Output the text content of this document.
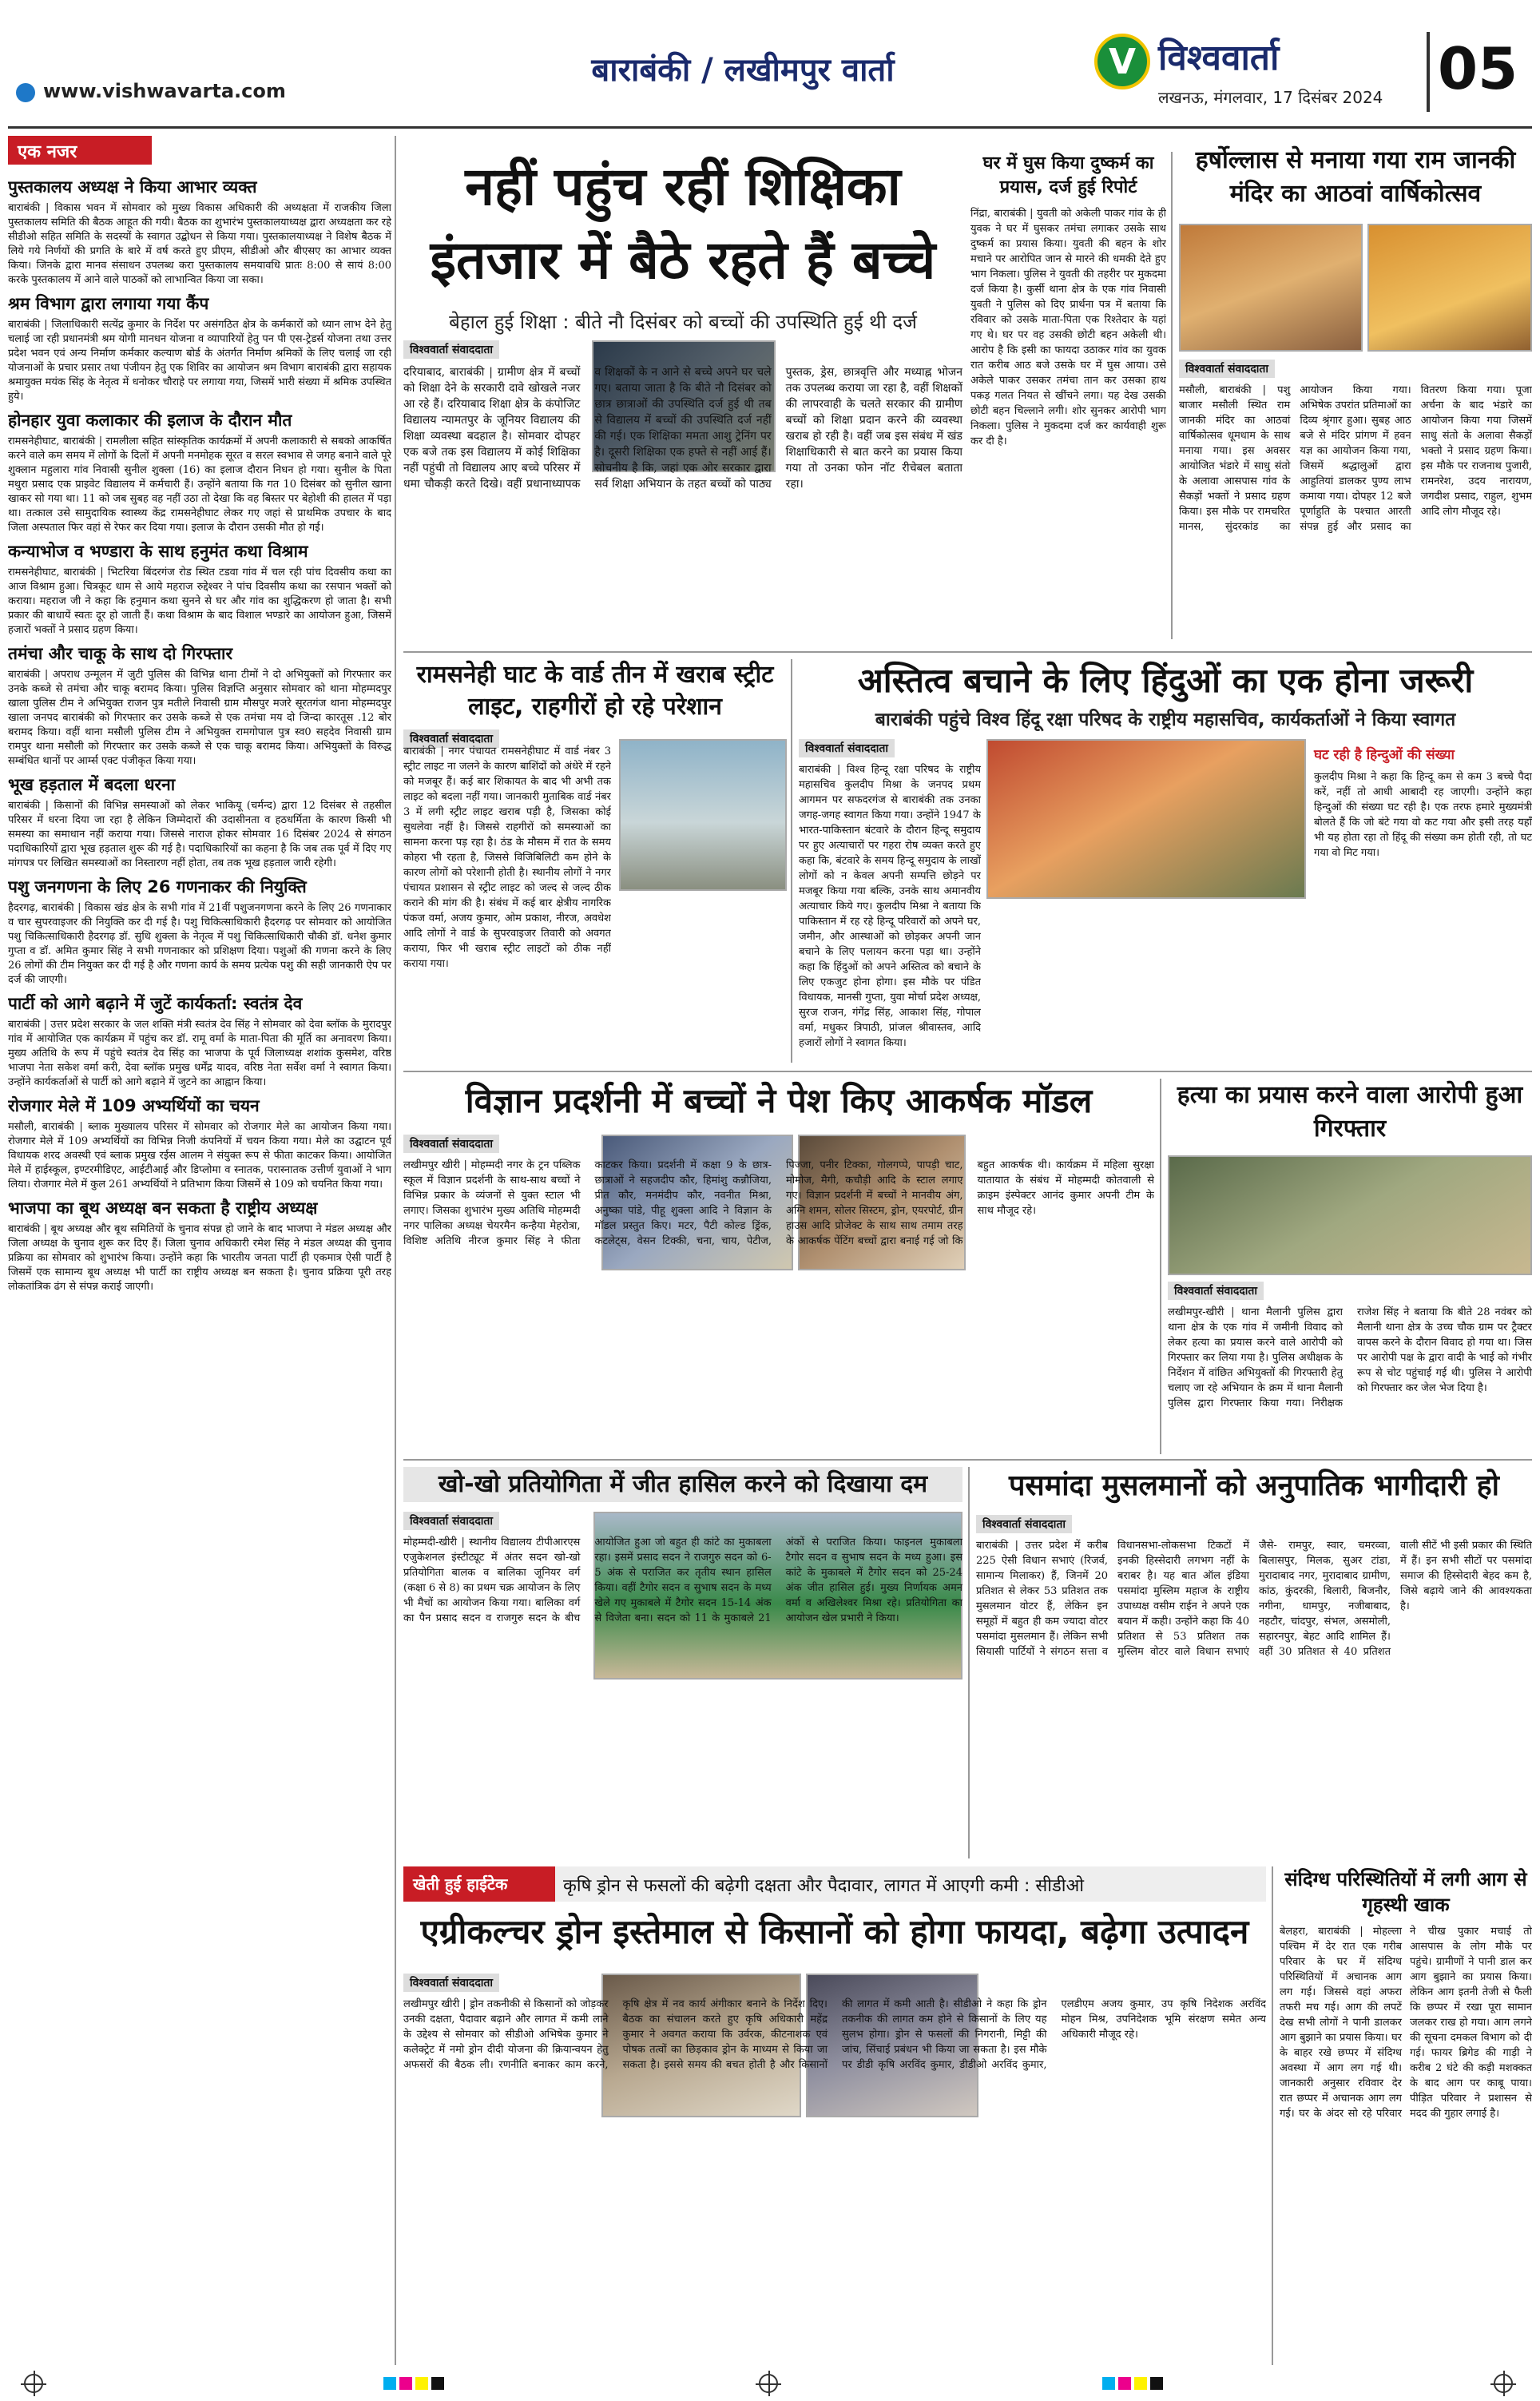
www.vishwavarta.com
बाराबंकी / लखीमपुर वार्ता	V विश्ववार्ता
लखनऊ, मंगलवार, 17 दिसंबर 2024 05
एक नजर
पुस्तकालय अध्यक्ष ने किया आभार व्यक्त

बाराबंकी | विकास भवन में सोमवार को मुख्य विकास अधिकारी की अध्यक्षता में राजकीय जिला पुस्तकालय समिति की बैठक आहूत की गयी। बैठक का शुभारंभ पुस्तकालयाध्यक्ष द्वारा अध्यक्षता कर रहे सीडीओ सहित समिति के सदस्यों के स्वागत उद्बोधन से किया गया। पुस्तकालयाध्यक्ष ने विशेष बैठक में लिये गये निर्णयों की प्रगति के बारे में वर्ष करते हुए प्रीएम, सीडीओ और बीएसए का आभार व्यक्त किया। जिनके द्वारा मानव संसाधन उपलब्ध करा पुस्तकालय समयावधि प्रातः 8:00 से सायं 8:00 करके पुस्तकालय में आने वाले पाठकों को लाभान्वित किया जा सका।

श्रम विभाग द्वारा लगाया गया कैंप

बाराबंकी | जिलाधिकारी सत्येंद्र कुमार के निर्देश पर असंगठित क्षेत्र के कर्मकारों को ध्यान लाभ देने हेतु चलाई जा रही प्रधानमंत्री श्रम योगी मानधन योजना व व्यापारियों हेतु पन पी एस-ट्रेडर्स योजना तथा उत्तर प्रदेश भवन एवं अन्य निर्माण कर्मकार कल्याण बोर्ड के अंतर्गत निर्माण श्रमिकों के लिए चलाई जा रही योजनाओं के प्रचार प्रसार तथा पंजीयन हेतु एक शिविर का आयोजन श्रम विभाग बाराबंकी द्वारा सहायक श्रमायुक्त मयंक सिंह के नेतृत्व में धनोकर चौराहे पर लगाया गया, जिसमें भारी संख्या में श्रमिक उपस्थित हुये।

होनहार युवा कलाकार की इलाज के दौरान मौत

रामसनेहीघाट, बाराबंकी | रामलीला सहित सांस्कृतिक कार्यक्रमों में अपनी कलाकारी से सबको आकर्षित करने वाले कम समय में लोगों के दिलों में अपनी मनमोहक सूरत व सरल स्वभाव से जगह बनाने वाले पूरे शुक्लान महुलारा गांव निवासी सुनील शुक्ला (16) का इलाज दौरान निधन हो गया। सुनील के पिता मथुरा प्रसाद एक प्राइवेट विद्यालय में कर्मचारी हैं। उन्होंने बताया कि गत 10 दिसंबर को सुनील खाना खाकर सो गया था। 11 को जब सुबह वह नहीं उठा तो देखा कि वह बिस्तर पर बेहोशी की हालत में पड़ा था। तत्काल उसे सामुदायिक स्वास्थ्य केंद्र रामसनेहीघाट लेकर गए जहां से प्राथमिक उपचार के बाद जिला अस्पताल फिर वहां से रेफर कर दिया गया। इलाज के दौरान उसकी मौत हो गई।

कन्याभोज व भण्डारा के साथ हनुमंत कथा विश्राम

रामसनेहीघाट, बाराबंकी | भिटरिया बिंदरगंज रोड स्थित टडवा गांव में चल रही पांच दिवसीय कथा का आज विश्राम हुआ। चित्रकूट धाम से आये महराज रुद्देश्वर ने पांच दिवसीय कथा का रसपान भक्तों को कराया। महराज जी ने कहा कि हनुमान कथा सुनने से घर और गांव का शुद्धिकरण हो जाता है। सभी प्रकार की बाधायें स्वतः दूर हो जाती हैं। कथा विश्राम के बाद विशाल भण्डारे का आयोजन हुआ, जिसमें हजारों भक्तों ने प्रसाद ग्रहण किया।

तमंचा और चाकू के साथ दो गिरफ्तार

बाराबंकी | अपराध उन्मूलन में जुटी पुलिस की विभिन्न थाना टीमों ने दो अभियुक्तों को गिरफ्तार कर उनके कब्जे से तमंचा और चाकू बरामद किया। पुलिस विज्ञप्ति अनुसार सोमवार को थाना मोहम्मदपुर खाला पुलिस टीम ने अभियुक्त राजन पुत्र मतीले निवासी ग्राम मौसपुर मजरे सूरतगंज थाना मोहम्मदपुर खाला जनपद बाराबंकी को गिरफ्तार कर उसके कब्जे से एक तमंचा मय दो जिन्दा कारतूस .12 बोर बरामद किया। वहीं थाना मसौली पुलिस टीम ने अभियुक्त रामगोपाल पुत्र स्व0 सहदेव निवासी ग्राम रामपुर थाना मसौली को गिरफ्तार कर उसके कब्जे से एक चाकू बरामद किया। अभियुक्तों के विरुद्ध सम्बंधित थानों पर आर्म्स एक्ट पंजीकृत किया गया।

भूख हड़ताल में बदला धरना

बाराबंकी | किसानों की विभिन्न समस्याओं को लेकर भाकियू (चर्मन्द) द्वारा 12 दिसंबर से तहसील परिसर में धरना दिया जा रहा है लेकिन जिम्मेदारों की उदासीनता व हठधर्मिता के कारण किसी भी समस्या का समाधान नहीं कराया गया। जिससे नाराज होकर सोमवार 16 दिसंबर 2024 से संगठन पदाधिकारियों द्वारा भूख हड़ताल शुरू की गई है। पदाधिकारियों का कहना है कि जब तक पूर्व में दिए गए मांगपत्र पर लिखित समस्याओं का निस्तारण नहीं होता, तब तक भूख हड़ताल जारी रहेगी।

पशु जनगणना के लिए 26 गणनाकर की नियुक्ति

हैदरगढ़, बाराबंकी | विकास खंड क्षेत्र के सभी गांव में 21वीं पशुजनगणना करने के लिए 26 गणनाकार व चार सुपरवाइजर की नियुक्ति कर दी गई है। पशु चिकित्साधिकारी हैदरगढ़ पर सोमवार को आयोजित पशु चिकित्साधिकारी हैदरगढ़ डॉ. सुधि शुक्ला के नेतृत्व में पशु चिकित्साधिकारी चौकी डॉ. धनेश कुमार गुप्ता व डॉ. अमित कुमार सिंह ने सभी गणनाकार को प्रशिक्षण दिया। पशुओं की गणना करने के लिए 26 लोगों की टीम नियुक्त कर दी गई है और गणना कार्य के समय प्रत्येक पशु की सही जानकारी ऐप पर दर्ज की जाएगी।

पार्टी को आगे बढ़ाने में जुटें कार्यकर्ता: स्वतंत्र देव

बाराबंकी | उत्तर प्रदेश सरकार के जल शक्ति मंत्री स्वतंत्र देव सिंह ने सोमवार को देवा ब्लॉक के मुरादपुर गांव में आयोजित एक कार्यक्रम में पहुंच कर डॉ. रामू वर्मा के माता-पिता की मूर्ति का अनावरण किया। मुख्य अतिथि के रूप में पहुंचे स्वतंत्र देव सिंह का भाजपा के पूर्व जिलाध्यक्ष शशांक कुसमेश, वरिष्ठ भाजपा नेता सकेश वर्मा करी, देवा ब्लॉक प्रमुख धर्मेंद्र यादव, वरिष्ठ नेता सर्वेश वर्मा ने स्वागत किया। उन्होंने कार्यकर्ताओं से पार्टी को आगे बढ़ाने में जुटने का आह्वान किया।

रोजगार मेले में 109 अभ्यर्थियों का चयन

मसौली, बाराबंकी | ब्लाक मुख्यालय परिसर में सोमवार को रोजगार मेले का आयोजन किया गया। रोजगार मेले में 109 अभ्यर्थियों का विभिन्न निजी कंपनियों में चयन किया गया। मेले का उद्घाटन पूर्व विधायक शरद अवस्थी एवं ब्लाक प्रमुख रईस आलम ने संयुक्त रूप से फीता काटकर किया। आयोजित मेले में हाईस्कूल, इण्टरमीडिएट, आईटीआई और डिप्लोमा व स्नातक, परास्नातक उत्तीर्ण युवाओं ने भाग लिया। रोजगार मेले में कुल 261 अभ्यर्थियों ने प्रतिभाग किया जिसमें से 109 को चयनित किया गया।

भाजपा का बूथ अध्यक्ष बन सकता है राष्ट्रीय अध्यक्ष

बाराबंकी | बूथ अध्यक्ष और बूथ समितियों के चुनाव संपन्न हो जाने के बाद भाजपा ने मंडल अध्यक्ष और जिला अध्यक्ष के चुनाव शुरू कर दिए हैं। जिला चुनाव अधिकारी रमेश सिंह ने मंडल अध्यक्ष की चुनाव प्रक्रिया का सोमवार को शुभारंभ किया। उन्होंने कहा कि भारतीय जनता पार्टी ही एकमात्र ऐसी पार्टी है जिसमें एक सामान्य बूथ अध्यक्ष भी पार्टी का राष्ट्रीय अध्यक्ष बन सकता है। चुनाव प्रक्रिया पूरी तरह लोकतांत्रिक ढंग से संपन्न कराई जाएगी।

नहीं पहुंच रहीं शिक्षिका
इंतजार में बैठे रहते हैं बच्चे
बेहाल हुई शिक्षा : बीते नौ दिसंबर को बच्चों की उपस्थिति हुई थी दर्ज
विश्ववार्ता संवाददाता
दरियाबाद, बाराबंकी | ग्रामीण क्षेत्र में बच्चों को शिक्षा देने के सरकारी दावे खोखले नजर आ रहे हैं। दरियाबाद शिक्षा क्षेत्र के कंपोजिट विद्यालय न्यामतपुर के जूनियर विद्यालय की शिक्षा व्यवस्था बदहाल है। सोमवार दोपहर एक बजे तक इस विद्यालय में कोई शिक्षिका नहीं पहुंची तो विद्यालय आए बच्चे परिसर में धमा चौकड़ी करते दिखे। वहीं प्रधानाध्यापक व शिक्षकों के न आने से बच्चे अपने घर चले गए। बताया जाता है कि बीते नौ दिसंबर को छात्र छात्राओं की उपस्थिति दर्ज हुई थी तब से विद्यालय में बच्चों की उपस्थिति दर्ज नहीं की गई। एक शिक्षिका ममता आशु ट्रेनिंग पर है। दूसरी शिक्षिका एक हफ्ते से नहीं आई हैं। सोचनीय है कि, जहां एक ओर सरकार द्वारा सर्व शिक्षा अभियान के तहत बच्चों को पाठ्य पुस्तक, ड्रेस, छात्रवृत्ति और मध्याह्न भोजन तक उपलब्ध कराया जा रहा है, वहीं शिक्षकों की लापरवाही के चलते सरकार की ग्रामीण बच्चों को शिक्षा प्रदान करने की व्यवस्था खराब हो रही है। वहीं जब इस संबंध में खंड शिक्षाधिकारी से बात करने का प्रयास किया गया तो उनका फोन नॉट रीचेबल बताता रहा।
घर में घुस किया दुष्कर्म का प्रयास, दर्ज हुई रिपोर्ट
निंद्रा, बाराबंकी | युवती को अकेली पाकर गांव के ही युवक ने घर में घुसकर तमंचा लगाकर उसके साथ दुष्कर्म का प्रयास किया। युवती की बहन के शोर मचाने पर आरोपित जान से मारने की धमकी देते हुए भाग निकला। पुलिस ने युवती की तहरीर पर मुकदमा दर्ज किया है। कुर्सी थाना क्षेत्र के एक गांव निवासी युवती ने पुलिस को दिए प्रार्थना पत्र में बताया कि रविवार को उसके माता-पिता एक रिश्तेदार के यहां गए थे। घर पर वह उसकी छोटी बहन अकेली थी। आरोप है कि इसी का फायदा उठाकर गांव का युवक रात करीब आठ बजे उसके घर में घुस आया। उसे अकेले पाकर उसकर तमंचा तान कर उसका हाथ पकड़ गलत नियत से खींचने लगा। यह देख उसकी छोटी बहन चिल्लाने लगी। शोर सुनकर आरोपी भाग निकला। पुलिस ने मुकदमा दर्ज कर कार्यवाही शुरू कर दी है।
हर्षोल्लास से मनाया गया राम जानकी मंदिर का आठवां वार्षिकोत्सव
विश्ववार्ता संवाददाता
मसौली, बाराबंकी | पशु बाजार मसौली स्थित राम जानकी मंदिर का आठवां वार्षिकोत्सव धूमधाम के साथ मनाया गया। इस अवसर आयोजित भंडारे में साधु संतो के अलावा आसपास गांव के सैकड़ों भक्तों ने प्रसाद ग्रहण किया। इस मौके पर रामचरित मानस, सुंदरकांड का आयोजन किया गया। अभिषेक उपरांत प्रतिमाओं का दिव्य श्रृंगार हुआ। सुबह आठ बजे से मंदिर प्रांगण में हवन यज्ञ का आयोजन किया गया, जिसमें श्रद्धालुओं द्वारा आहुतियां डालकर पुण्य लाभ कमाया गया। दोपहर 12 बजे पूर्णाहुति के पश्चात आरती संपन्न हुई और प्रसाद का वितरण किया गया। पूजा अर्चना के बाद भंडारे का आयोजन किया गया जिसमें साधु संतो के अलावा सैकड़ों भक्तो ने प्रसाद ग्रहण किया। इस मौके पर राजनाथ पुजारी, रामनरेश, उदय नारायण, जगदीश प्रसाद, राहुल, शुभम आदि लोग मौजूद रहे।
रामसनेही घाट के वार्ड तीन में खराब स्ट्रीट लाइट, राहगीरों हो रहे परेशान
विश्ववार्ता संवाददाता
बाराबंकी | नगर पंचायत रामसनेहीघाट में वार्ड नंबर 3 स्ट्रीट लाइट ना जलने के कारण बाशिंदों को अंधेरे में रहने को मजबूर हैं। कई बार शिकायत के बाद भी अभी तक लाइट को बदला नहीं गया। जानकारी मुताबिक वार्ड नंबर 3 में लगी स्ट्रीट लाइट खराब पड़ी है, जिसका कोई सुधलेवा नहीं है। जिससे राहगीरों को समस्याओं का सामना करना पड़ रहा है। ठंड के मौसम में रात के समय कोहरा भी रहता है, जिससे विजिबिलिटी कम होने के कारण लोगों को परेशानी होती है। स्थानीय लोगों ने नगर पंचायत प्रशासन से स्ट्रीट लाइट को जल्द से जल्द ठीक कराने की मांग की है। संबंध में कई बार क्षेत्रीय नागरिक पंकज वर्मा, अजय कुमार, ओम प्रकाश, नीरज, अवधेश आदि लोगों ने वार्ड के सुपरवाइजर तिवारी को अवगत कराया, फिर भी खराब स्ट्रीट लाइटों को ठीक नहीं कराया गया।
अस्तित्व बचाने के लिए हिंदुओं का एक होना जरूरी
बाराबंकी पहुंचे विश्व हिंदू रक्षा परिषद के राष्ट्रीय महासचिव, कार्यकर्ताओं ने किया स्वागत
विश्ववार्ता संवाददाता
बाराबंकी | विश्व हिन्दू रक्षा परिषद के राष्ट्रीय महासचिव कुलदीप मिश्रा के जनपद प्रथम आगमन पर सफदरगंज से बाराबंकी तक उनका जगह-जगह स्वागत किया गया। उन्होंने 1947 के भारत-पाकिस्तान बंटवारे के दौरान हिन्दू समुदाय पर हुए अत्याचारों पर गहरा रोष व्यक्त करते हुए कहा कि, बंटवारे के समय हिन्दू समुदाय के लाखों लोगों को न केवल अपनी सम्पत्ति छोड़ने पर मजबूर किया गया बल्कि, उनके साथ अमानवीय अत्याचार किये गए। कुलदीप मिश्रा ने बताया कि पाकिस्तान में रह रहे हिन्दू परिवारों को अपने घर, जमीन, और आस्थाओं को छोड़कर अपनी जान बचाने के लिए पलायन करना पड़ा था। उन्होंने कहा कि हिंदुओं को अपने अस्तित्व को बचाने के लिए एकजुट होना होगा। इस मौके पर पंडित विधायक, मानसी गुप्ता, युवा मोर्चा प्रदेश अध्यक्ष, सुरज राजन, गंगेंद्र सिंह, आकाश सिंह, गोपाल वर्मा, मधुकर त्रिपाठी, प्रांजल श्रीवास्तव, आदि हजारों लोगों ने स्वागत किया।
घट रही है हिन्दुओं की संख्या
कुलदीप मिश्रा ने कहा कि हिन्दू कम से कम 3 बच्चे पैदा करें, नहीं तो आधी आबादी रह जाएगी। उन्होंने कहा हिन्दुओं की संख्या घट रही है। एक तरफ हमारे मुख्यमंत्री बोलते हैं कि जो बंटे गया वो कट गया और इसी तरह यहाँ भी यह होता रहा तो हिंदू की संख्या कम होती रही, तो घट गया वो मिट गया।
विज्ञान प्रदर्शनी में बच्चों ने पेश किए आकर्षक मॉडल
विश्ववार्ता संवाददाता
लखीमपुर खीरी | मोहम्मदी नगर के ट्रन पब्लिक स्कूल में विज्ञान प्रदर्शनी के साथ-साथ बच्चों ने विभिन्न प्रकार के व्यंजनों से युक्त स्टाल भी लगाए। जिसका शुभारंभ मुख्य अतिथि मोहम्मदी नगर पालिका अध्यक्ष चेयरमैन कन्हैया मेहरोत्रा, विशिष्ट अतिथि नीरज कुमार सिंह ने फीता काटकर किया। प्रदर्शनी में कक्षा 9 के छात्र-छात्राओं ने सहजदीप कौर, हिमांशु कन्नौजिया, प्रीत कौर, मनमंदीप कौर, नवनीत मिश्रा, अनुष्का पांडे, पीहू शुक्ला आदि ने विज्ञान के मॉडल प्रस्तुत किए। मटर, पैटी कोल्ड ड्रिंक, कटलेट्स, वेसन टिक्की, चना, चाय, पेटीज, पिज्जा, पनीर टिक्का, गोलगप्पे, पापड़ी चाट, मोमोज, मैगी, कचौड़ी आदि के स्टाल लगाए गए। विज्ञान प्रदर्शनी में बच्चों ने मानवीय अंग, अग्नि शमन, सोलर सिस्टम, ड्रोन, एयरपोर्ट, ग्रीन हाउस आदि प्रोजेक्ट के साथ साथ तमाम तरह के आकर्षक पेंटिंग बच्चों द्वारा बनाई गई जो कि बहुत आकर्षक थी। कार्यक्रम में महिला सुरक्षा यातायात के संबंध में मोहम्मदी कोतवाली से क्राइम इंस्पेक्टर आनंद कुमार अपनी टीम के साथ मौजूद रहे।
हत्या का प्रयास करने वाला आरोपी हुआ गिरफ्तार
विश्ववार्ता संवाददाता
लखीमपुर-खीरी | थाना मैलानी पुलिस द्वारा थाना क्षेत्र के एक गांव में जमीनी विवाद को लेकर हत्या का प्रयास करने वाले आरोपी को गिरफ्तार कर लिया गया है। पुलिस अधीक्षक के निर्देशन में वांछित अभियुक्तों की गिरफ्तारी हेतु चलाए जा रहे अभियान के क्रम में थाना मैलानी पुलिस द्वारा गिरफ्तार किया गया। निरीक्षक राजेश सिंह ने बताया कि बीते 28 नवंबर को मैलानी थाना क्षेत्र के उच्च चौक ग्राम पर ट्रैक्टर वापस करने के दौरान विवाद हो गया था। जिस पर आरोपी पक्ष के द्वारा वादी के भाई को गंभीर रूप से चोट पहुंचाई गई थी। पुलिस ने आरोपी को गिरफ्तार कर जेल भेज दिया है।
खो-खो प्रतियोगिता में जीत हासिल करने को दिखाया दम
विश्ववार्ता संवाददाता
मोहम्मदी-खीरी | स्थानीय विद्यालय टीपीआरएस एजुकेशनल इंस्टीट्यूट में अंतर सदन खो-खो प्रतियोगिता बालक व बालिका जूनियर वर्ग (कक्षा 6 से 8) का प्रथम चक्र आयोजन के लिए भी मैचों का आयोजन किया गया। बालिका वर्ग का पैन प्रसाद सदन व राजगुरु सदन के बीच आयोजित हुआ जो बहुत ही कांटे का मुकाबला रहा। इसमें प्रसाद सदन ने राजगुरु सदन को 6-5 अंक से पराजित कर तृतीय स्थान हासिल किया। वहीं टैगोर सदन व सुभाष सदन के मध्य खेले गए मुकाबले में टैगोर सदन 15-14 अंक से विजेता बना। सदन को 11 के मुकाबले 21 अंकों से पराजित किया। फाइनल मुकाबला टैगोर सदन व सुभाष सदन के मध्य हुआ। इस कांटे के मुकाबले में टैगोर सदन को 25-24 अंक जीत हासिल हुई। मुख्य निर्णायक अमन वर्मा व अखिलेश्वर मिश्रा रहे। प्रतियोगिता का आयोजन खेल प्रभारी ने किया।
पसमांदा मुसलमानों को अनुपातिक भागीदारी हो
विश्ववार्ता संवाददाता
बाराबंकी | उत्तर प्रदेश में करीब 225 ऐसी विधान सभाएं (रिजर्व, सामान्य मिलाकर) हैं, जिनमें 20 प्रतिशत से लेकर 53 प्रतिशत तक मुसलमान वोटर हैं, लेकिन इन समूहों में बहुत ही कम ज्यादा वोटर पसमांदा मुसलमान हैं। लेकिन सभी सियासी पार्टियों ने संगठन सत्ता व विधानसभा-लोकसभा टिकटों में इनकी हिस्सेदारी लगभग नहीं के बराबर है। यह बात ऑल इंडिया पसमांदा मुस्लिम महाज के राष्ट्रीय उपाध्यक्ष वसीम राईन ने अपने एक बयान में कही। उन्होंने कहा कि 40 प्रतिशत से 53 प्रतिशत तक मुस्लिम वोटर वाले विधान सभाएं जैसे- रामपुर, स्वार, चमरव्वा, बिलासपुर, मिलक, सुअर टांडा, मुरादाबाद नगर, मुरादाबाद ग्रामीण, कांठ, कुंदरकी, बिलारी, बिजनौर, नगीना, धामपुर, नजीबाबाद, नहटौर, चांदपुर, संभल, असमोली, सहारनपुर, बेहट आदि शामिल हैं। वहीं 30 प्रतिशत से 40 प्रतिशत वाली सीटें भी इसी प्रकार की स्थिति में हैं। इन सभी सीटों पर पसमांदा समाज की हिस्सेदारी बेहद कम है, जिसे बढ़ाये जाने की आवश्यकता है।
खेती हुई हाईटेक	कृषि ड्रोन से फसलों की बढ़ेगी दक्षता और पैदावार, लागत में आएगी कमी : सीडीओ
एग्रीकल्चर ड्रोन इस्तेमाल से किसानों को होगा फायदा, बढ़ेगा उत्पादन
विश्ववार्ता संवाददाता
लखीमपुर खीरी | ड्रोन तकनीकी से किसानों को जोड़कर उनकी दक्षता, पैदावार बढ़ाने और लागत में कमी लाने के उद्देश्य से सोमवार को सीडीओ अभिषेक कुमार ने कलेक्ट्रेट में नमो ड्रोन दीदी योजना की क्रियान्वयन हेतु अफसरों की बैठक ली। रणनीति बनाकर काम करने, कृषि क्षेत्र में नव कार्य अंगीकार बनाने के निर्देश दिए। बैठक का संचालन करते हुए कृषि अधिकारी महेंद्र कुमार ने अवगत कराया कि उर्वरक, कीटनाशक एवं पोषक तत्वों का छिड़काव ड्रोन के माध्यम से किया जा सकता है। इससे समय की बचत होती है और किसानों की लागत में कमी आती है। सीडीओ ने कहा कि ड्रोन तकनीक की लागत कम होने से किसानों के लिए यह सुलभ होगा। ड्रोन से फसलों की निगरानी, मिट्टी की जांच, सिंचाई प्रबंधन भी किया जा सकता है। इस मौके पर डीडी कृषि अरविंद कुमार, डीडीओ अरविंद कुमार, एलडीएम अजय कुमार, उप कृषि निदेशक अरविंद मोहन मिश्र, उपनिदेशक भूमि संरक्षण समेत अन्य अधिकारी मौजूद रहे।
संदिग्ध परिस्थितियों में लगी आग से गृहस्थी खाक
बेलहरा, बाराबंकी | मोहल्ला पश्चिम में देर रात एक गरीब परिवार के घर में संदिग्ध परिस्थितियों में अचानक आग लग गई। जिससे वहां अफरा तफरी मच गई। आग की लपटें देख सभी लोगों ने पानी डालकर आग बुझाने का प्रयास किया। घर के बाहर रखे छप्पर में संदिग्ध अवस्था में आग लग गई थी। जानकारी अनुसार रविवार देर रात छप्पर में अचानक आग लग गई। घर के अंदर सो रहे परिवार ने चीख पुकार मचाई तो आसपास के लोग मौके पर पहुंचे। ग्रामीणों ने पानी डाल कर आग बुझाने का प्रयास किया। लेकिन आग इतनी तेजी से फैली कि छप्पर में रखा पूरा सामान जलकर राख हो गया। आग लगने की सूचना दमकल विभाग को दी गई। फायर ब्रिगेड की गाड़ी ने करीब 2 घंटे की कड़ी मशक्कत के बाद आग पर काबू पाया। पीड़ित परिवार ने प्रशासन से मदद की गुहार लगाई है।
